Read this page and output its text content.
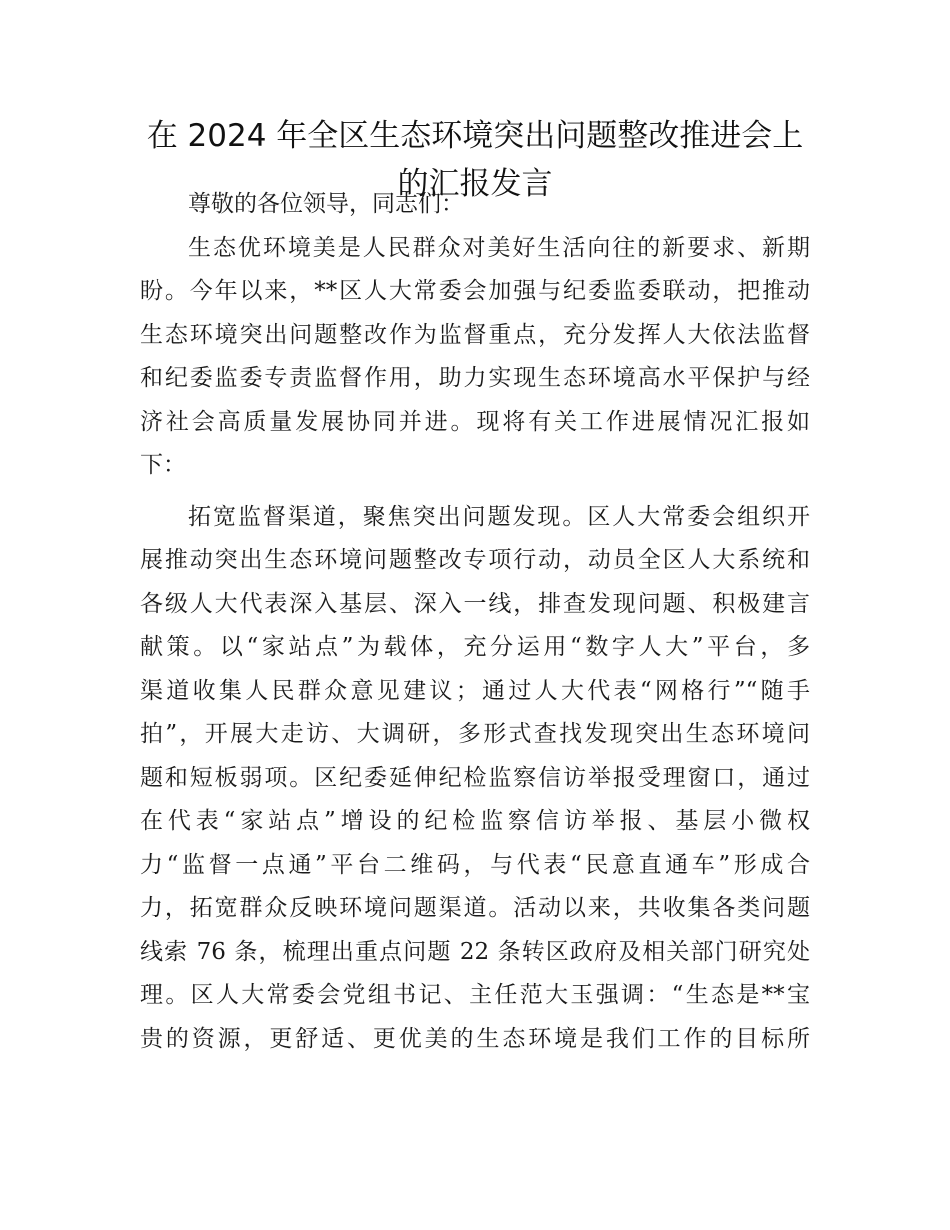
在 2024 年全区生态环境突出问题整改推进会上
的汇报发言
尊敬的各位领导，同志们：
生态优环境美是人民群众对美好生活向往的新要求、新期
盼。今年以来，**区人大常委会加强与纪委监委联动，把推动
生态环境突出问题整改作为监督重点，充分发挥人大依法监督
和纪委监委专责监督作用，助力实现生态环境高水平保护与经
济社会高质量发展协同并进。现将有关工作进展情况汇报如
下：
拓宽监督渠道，聚焦突出问题发现。区人大常委会组织开
展推动突出生态环境问题整改专项行动，动员全区人大系统和
各级人大代表深入基层、深入一线，排查发现问题、积极建言
献策。以“家站点”为载体，充分运用“数字人大”平台，多
渠道收集人民群众意见建议；通过人大代表“网格行”“随手
拍”，开展大走访、大调研，多形式查找发现突出生态环境问
题和短板弱项。区纪委延伸纪检监察信访举报受理窗口，通过
在代表“家站点”增设的纪检监察信访举报、基层小微权
力“监督一点通”平台二维码，与代表“民意直通车”形成合
力，拓宽群众反映环境问题渠道。活动以来，共收集各类问题
线索 76 条，梳理出重点问题 22 条转区政府及相关部门研究处
理。区人大常委会党组书记、主任范大玉强调：“生态是**宝
贵的资源，更舒适、更优美的生态环境是我们工作的目标所
